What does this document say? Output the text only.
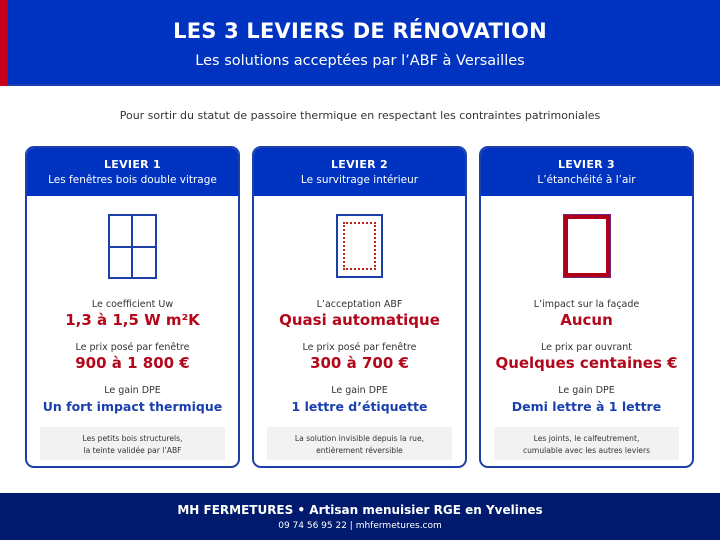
LES 3 LEVIERS DE RÉNOVATION
Les solutions acceptées par l’ABF à Versailles
Pour sortir du statut de passoire thermique en respectant les contraintes patrimoniales
LEVIER 1
Les fenêtres bois double vitrage
Le coefficient Uw
1,3 à 1,5 W m²K
Le prix posé par fenêtre
900 à 1 800 €
Le gain DPE
Un fort impact thermique
Les petits bois structurels,
la teinte validée par l’ABF
LEVIER 2
Le survitrage intérieur
L’acceptation ABF
Quasi automatique
Le prix posé par fenêtre
300 à 700 €
Le gain DPE
1 lettre d’étiquette
La solution invisible depuis la rue,
entièrement réversible
LEVIER 3
L’étanchéité à l’air
L’impact sur la façade
Aucun
Le prix par ouvrant
Quelques centaines €
Le gain DPE
Demi lettre à 1 lettre
Les joints, le calfeutrement,
cumulable avec les autres leviers
MH FERMETURES • Artisan menuisier RGE en Yvelines
09 74 56 95 22 | mhfermetures.com
